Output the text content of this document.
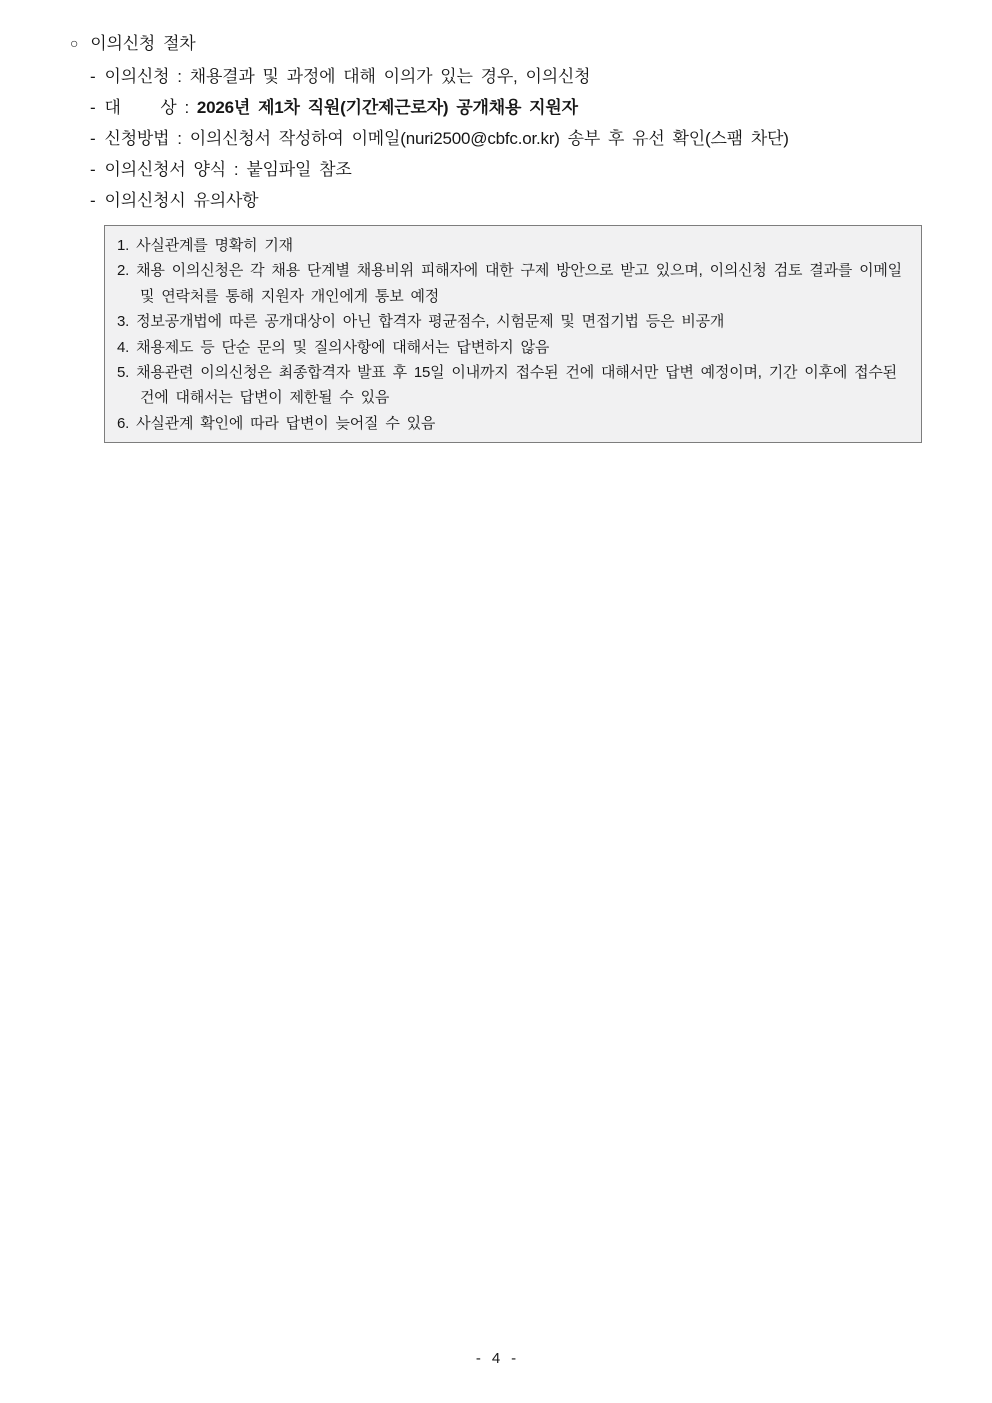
○ 이의신청 절차
- 이의신청 : 채용결과 및 과정에 대해 이의가 있는 경우, 이의신청
- 대     상 : 2026년 제1차 직원(기간제근로자) 공개채용 지원자
- 신청방법 : 이의신청서 작성하여 이메일(nuri2500@cbfc.or.kr) 송부 후 유선 확인(스팸 차단)
- 이의신청서 양식 : 붙임파일 참조
- 이의신청시 유의사항
1. 사실관계를 명확히 기재
2. 채용 이의신청은 각 채용 단계별 채용비위 피해자에 대한 구제 방안으로 받고 있으며, 이의신청 검토 결과를 이메일 및 연락처를 통해 지원자 개인에게 통보 예정
3. 정보공개법에 따른 공개대상이 아닌 합격자 평균점수, 시험문제 및 면접기법 등은 비공개
4. 채용제도 등 단순 문의 및 질의사항에 대해서는 답변하지 않음
5. 채용관련 이의신청은 최종합격자 발표 후 15일 이내까지 접수된 건에 대해서만 답변 예정이며, 기간 이후에 접수된 건에 대해서는 답변이 제한될 수 있음
6. 사실관계 확인에 따라 답변이 늦어질 수 있음
- 4 -
